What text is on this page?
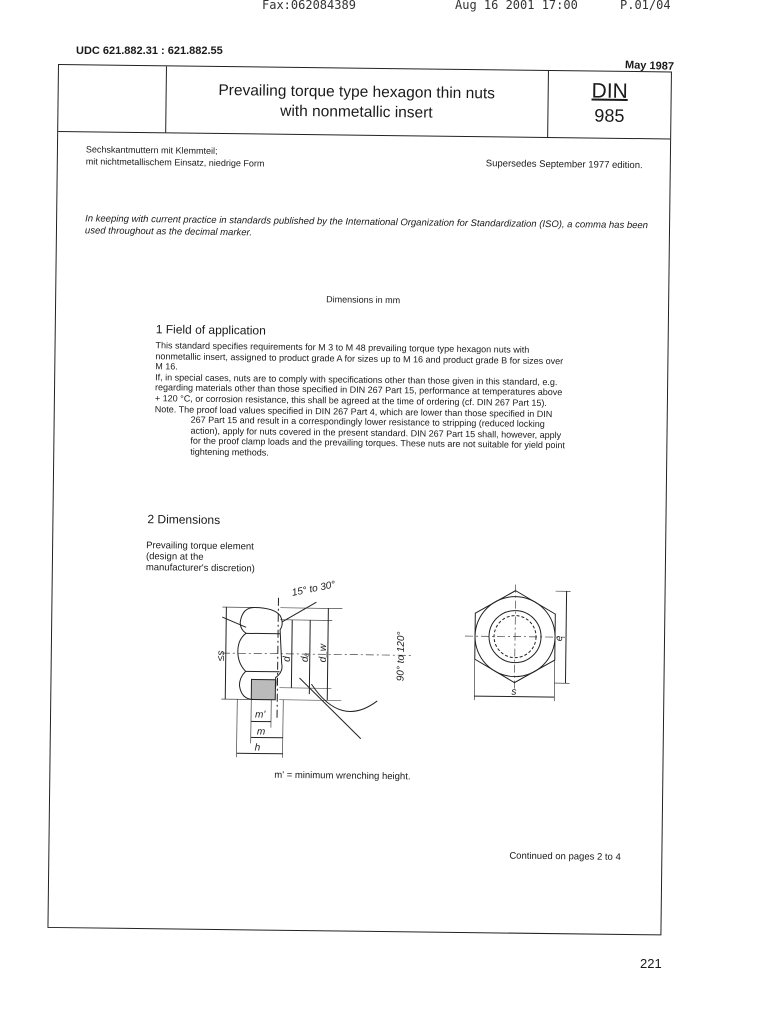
Fax:062084389	Aug 16 2001 17:00	P.01/04
UDC 621.882.31 : 621.882.55
May 1987
Prevailing torque type hexagon thin nuts
with nonmetallic insert
DIN
985
Sechskantmuttern mit Klemmteil;
mit nichtmetallischem Einsatz, niedrige Form	Supersedes September 1977 edition.
In keeping with current practice in standards published by the International Organization for Standardization (ISO), a comma has been used throughout as the decimal marker.
Dimensions in mm
1 Field of application

This standard specifies requirements for M 3 to M 48 prevailing torque type hexagon nuts with nonmetallic insert, assigned to product grade A for sizes up to M 16 and product grade B for sizes over M 16.

If, in special cases, nuts are to comply with specifications other than those given in this standard, e.g. regarding materials other than those specified in DIN 267 Part 15, performance at temperatures above + 120 °C, or corrosion resistance, this shall be agreed at the time of ordering (cf. DIN 267 Part 15).

Note. The proof load values specified in DIN 267 Part 4, which are lower than those specified in DIN 267 Part 15 and result in a correspondingly lower resistance to stripping (reduced locking action), apply for nuts covered in the present standard. DIN 267 Part 15 shall, however, apply for the proof clamp loads and the prevailing torques. These nuts are not suitable for yield point tightening methods.

2 Dimensions
Prevailing torque element (design at the manufacturer's discretion)
15° to 30°
90° to 120°
d dₐ d_w
m'
m
h
≤s
s
e
m' = minimum wrenching height.
Continued on pages 2 to 4
221
